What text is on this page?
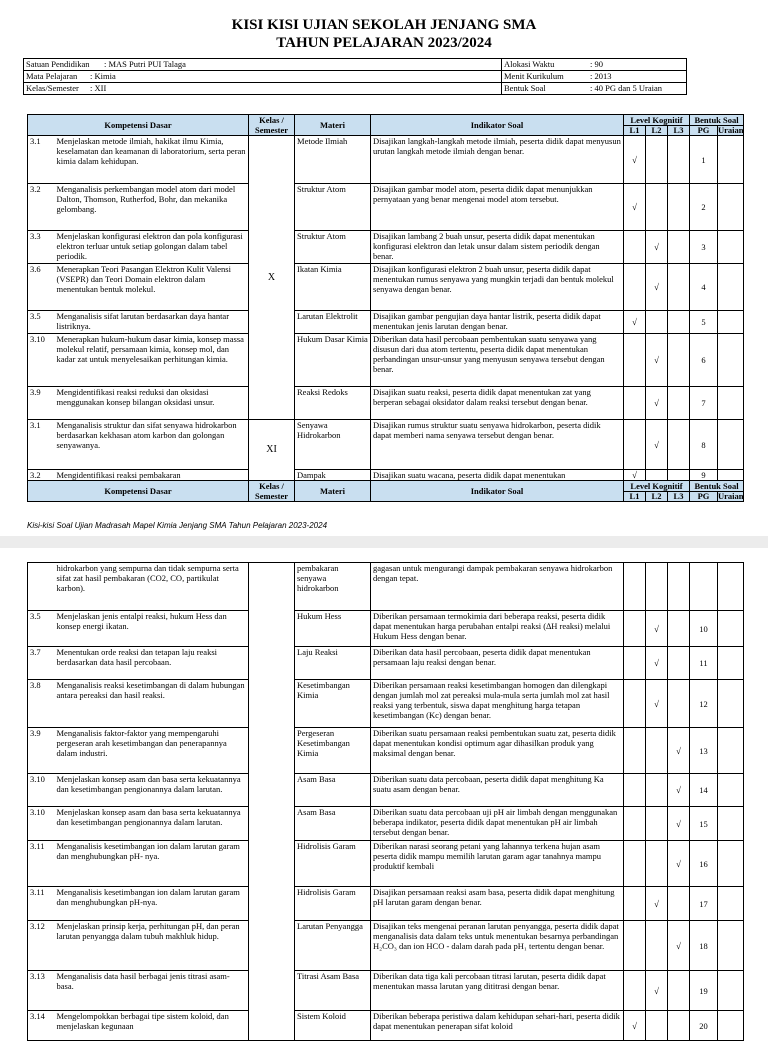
KISI KISI UJIAN SEKOLAH JENJANG SMA
TAHUN PELAJARAN 2023/2024
Satuan Pendidikan : MAS Putri PUI Talaga	Alokasi Waktu : 90
Mata Pelajaran : Kimia	Menit Kurikulum : 2013
Kelas/Semester : XII	Bentuk Soal : 40 PG dan 5 Uraian
Kompetensi Dasar		Kelas / Semester	Materi	Indikator Soal	Level Kognitif			Bentuk Soal	
					L1	L2	L3	PG	Uraian
3.1	Menjelaskan metode ilmiah, hakikat ilmu Kimia, keselamatan dan keamanan di laboratorium, serta peran kimia dalam kehidupan.	X	Metode Ilmiah	Disajikan langkah-langkah metode ilmiah, peserta didik dapat menyusun urutan langkah metode ilmiah dengan benar.	√			1	
3.2	Menganalisis perkembangan model atom dari model Dalton, Thomson, Rutherfod, Bohr, dan mekanika gelombang.		Struktur Atom	Disajikan gambar model atom, peserta didik dapat menunjukkan pernyataan yang benar mengenai model atom tersebut.	√			2	
3.3	Menjelaskan konfigurasi elektron dan pola konfigurasi elektron terluar untuk setiap golongan dalam tabel periodik.		Struktur Atom	Disajikan lambang 2 buah unsur, peserta didik dapat menentukan konfigurasi elektron dan letak unsur dalam sistem periodik dengan benar.		√		3	
3.6	Menerapkan Teori Pasangan Elektron Kulit Valensi (VSEPR) dan Teori Domain elektron dalam menentukan bentuk molekul.		Ikatan Kimia	Disajikan konfigurasi elektron 2 buah unsur, peserta didik dapat menentukan rumus senyawa yang mungkin terjadi dan bentuk molekul senyawa dengan benar.		√		4	
3.5	Menganalisis sifat larutan berdasarkan daya hantar listriknya.		Larutan Elektrolit	Disajikan gambar pengujian daya hantar listrik, peserta didik dapat menentukan jenis larutan dengan benar.	√			5	
3.10	Menerapkan hukum-hukum dasar kimia, konsep massa molekul relatif, persamaan kimia, konsep mol, dan kadar zat untuk menyelesaikan perhitungan kimia.		Hukum Dasar Kimia	Diberikan data hasil percobaan pembentukan suatu senyawa yang disusun dari dua atom tertentu, peserta didik dapat menentukan perbandingan unsur-unsur yang menyusun senyawa tersebut dengan benar.		√		6	
3.9	Mengidentifikasi reaksi reduksi dan oksidasi menggunakan konsep bilangan oksidasi unsur.		Reaksi Redoks	Disajikan suatu reaksi, peserta didik dapat menentukan zat yang berperan sebagai oksidator dalam reaksi tersebut dengan benar.		√		7	
3.1	Menganalisis struktur dan sifat senyawa hidrokarbon berdasarkan kekhasan atom karbon dan golongan senyawanya.	XI	Senyawa Hidrokarbon	Disajikan rumus struktur suatu senyawa hidrokarbon, peserta didik dapat memberi nama senyawa tersebut dengan benar.		√		8	
3.2	Mengidentifikasi reaksi pembakaran		Dampak	Disajikan suatu wacana, peserta didik dapat menentukan	√			9	
Kompetensi Dasar		Kelas / Semester	Materi	Indikator Soal	Level Kognitif			Bentuk Soal	
					L1	L2	L3	PG	Uraian
Kisi-kisi Soal Ujian Madrasah Mapel Kimia Jenjang SMA Tahun Pelajaran 2023-2024
	hidrokarbon yang sempurna dan tidak sempurna serta sifat zat hasil pembakaran (CO2, CO, partikulat karbon).		pembakaran senyawa hidrokarbon	gagasan untuk mengurangi dampak pembakaran senyawa hidrokarbon dengan tepat.					
3.5	Menjelaskan jenis entalpi reaksi, hukum Hess dan konsep energi ikatan.		Hukum Hess	Diberikan persamaan termokimia dari beberapa reaksi, peserta didik dapat menentukan harga perubahan entalpi reaksi (∆H reaksi) melalui Hukum Hess dengan benar.		√		10	
3.7	Menentukan orde reaksi dan tetapan laju reaksi berdasarkan data hasil percobaan.		Laju Reaksi	Diberikan data hasil percobaan, peserta didik dapat menentukan persamaan laju reaksi dengan benar.		√		11	
3.8	Menganalisis reaksi kesetimbangan di dalam hubungan antara pereaksi dan hasil reaksi.		Kesetimbangan Kimia	Diberikan persamaan reaksi kesetimbangan homogen dan dilengkapi dengan jumlah mol zat pereaksi mula-mula serta jumlah mol zat hasil reaksi yang terbentuk, siswa dapat menghitung harga tetapan kesetimbangan (Kc) dengan benar.		√		12	
3.9	Menganalisis faktor-faktor yang mempengaruhi pergeseran arah kesetimbangan dan penerapannya dalam industri.		Pergeseran Kesetimbangan Kimia	Diberikan suatu persamaan reaksi pembentukan suatu zat, peserta didik dapat menentukan kondisi optimum agar dihasilkan produk yang maksimal dengan benar.			√	13	
3.10	Menjelaskan konsep asam dan basa serta kekuatannya dan kesetimbangan pengionannya dalam larutan.		Asam Basa	Diberikan suatu data percobaan, peserta didik dapat menghitung Ka suatu asam dengan benar.			√	14	
3.10	Menjelaskan konsep asam dan basa serta kekuatannya dan kesetimbangan pengionannya dalam larutan.		Asam Basa	Diberikan suatu data percobaan uji pH air limbah dengan menggunakan beberapa indikator, peserta didik dapat menentukan pH air limbah tersebut dengan benar.			√	15	
3.11	Menganalisis kesetimbangan ion dalam larutan garam dan menghubungkan pH- nya.		Hidrolisis Garam	Diberikan narasi seorang petani yang lahannya terkena hujan asam peserta didik mampu memilih larutan garam agar tanahnya mampu produktif kembali			√	16	
3.11	Menganalisis kesetimbangan ion dalam larutan garam dan menghubungkan pH-nya.		Hidrolisis Garam	Disajikan persamaan reaksi asam basa, peserta didik dapat menghitung pH larutan garam dengan benar.		√		17	
3.12	Menjelaskan prinsip kerja, perhitungan pH, dan peran larutan penyangga dalam tubuh makhluk hidup.		Larutan Penyangga	Disajikan teks mengenai peranan larutan penyangga, peserta didik dapat menganalisis data dalam teks untuk menentukan besarnya perbandingan H₂CO₃ dan ion HCO - dalam darah pada pH₁ tertentu dengan benar.			√	18	
3.13	Menganalisis data hasil berbagai jenis titrasi asam-basa.		Titrasi Asam Basa	Diberikan data tiga kali percobaan titrasi larutan, peserta didik dapat menentukan massa larutan yang dititrasi dengan benar.		√		19	
3.14	Mengelompokkan berbagai tipe sistem koloid, dan menjelaskan kegunaan		Sistem Koloid	Diberikan beberapa peristiwa dalam kehidupan sehari-hari, peserta didik dapat menentukan penerapan sifat koloid	√			20	
